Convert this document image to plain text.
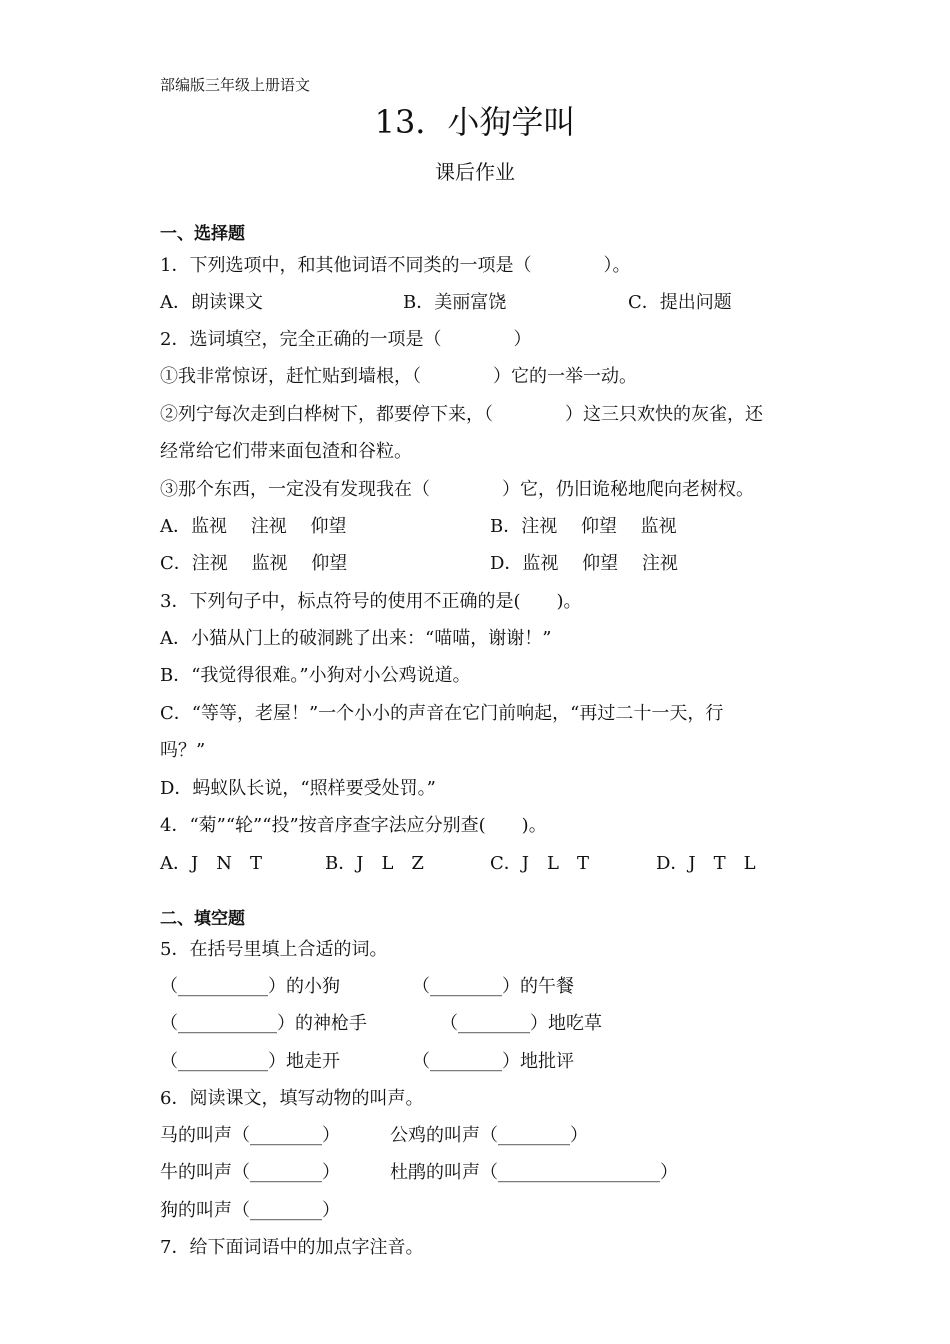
部编版三年级上册语文
13．小狗学叫
课后作业
一、选择题
1．下列选项中，和其他词语不同类的一项是（　　　　）。
A．朗读课文	B．美丽富饶	C．提出问题
2．选词填空，完全正确的一项是（　　　　）
①我非常惊讶，赶忙贴到墙根，（　　　　）它的一举一动。
②列宁每次走到白桦树下，都要停下来，（　　　　）这三只欢快的灰雀，还
经常给它们带来面包渣和谷粒。
③那个东西，一定没有发现我在（　　　　）它，仍旧诡秘地爬向老树杈。
A．监视　 注视　 仰望	B．注视　 仰望　 监视
C．注视　 监视　 仰望	D．监视　 仰望　 注视
3．下列句子中，标点符号的使用不正确的是(　　)。
A．小猫从门上的破洞跳了出来：“喵喵，谢谢！”
B．“我觉得很难。”小狗对小公鸡说道。
C．“等等，老屋！”一个小小的声音在它门前响起，“再过二十一天，行
吗？”
D．蚂蚁队长说，“照样要受处罚。”
4．“菊”“轮”“投”按音序查字法应分别查(　　)。
A．J　N　T	B．J　L　Z	C．J　L　T	D．J　T　L
二、填空题
5．在括号里填上合适的词。
（__________）的小狗	（________）的午餐
（___________）的神枪手	（________）地吃草
（__________）地走开	（________）地批评
6．阅读课文，填写动物的叫声。
马的叫声（________）	公鸡的叫声（________）
牛的叫声（________）	杜鹃的叫声（__________________）
狗的叫声（________）
7．给下面词语中的加点字注音。
